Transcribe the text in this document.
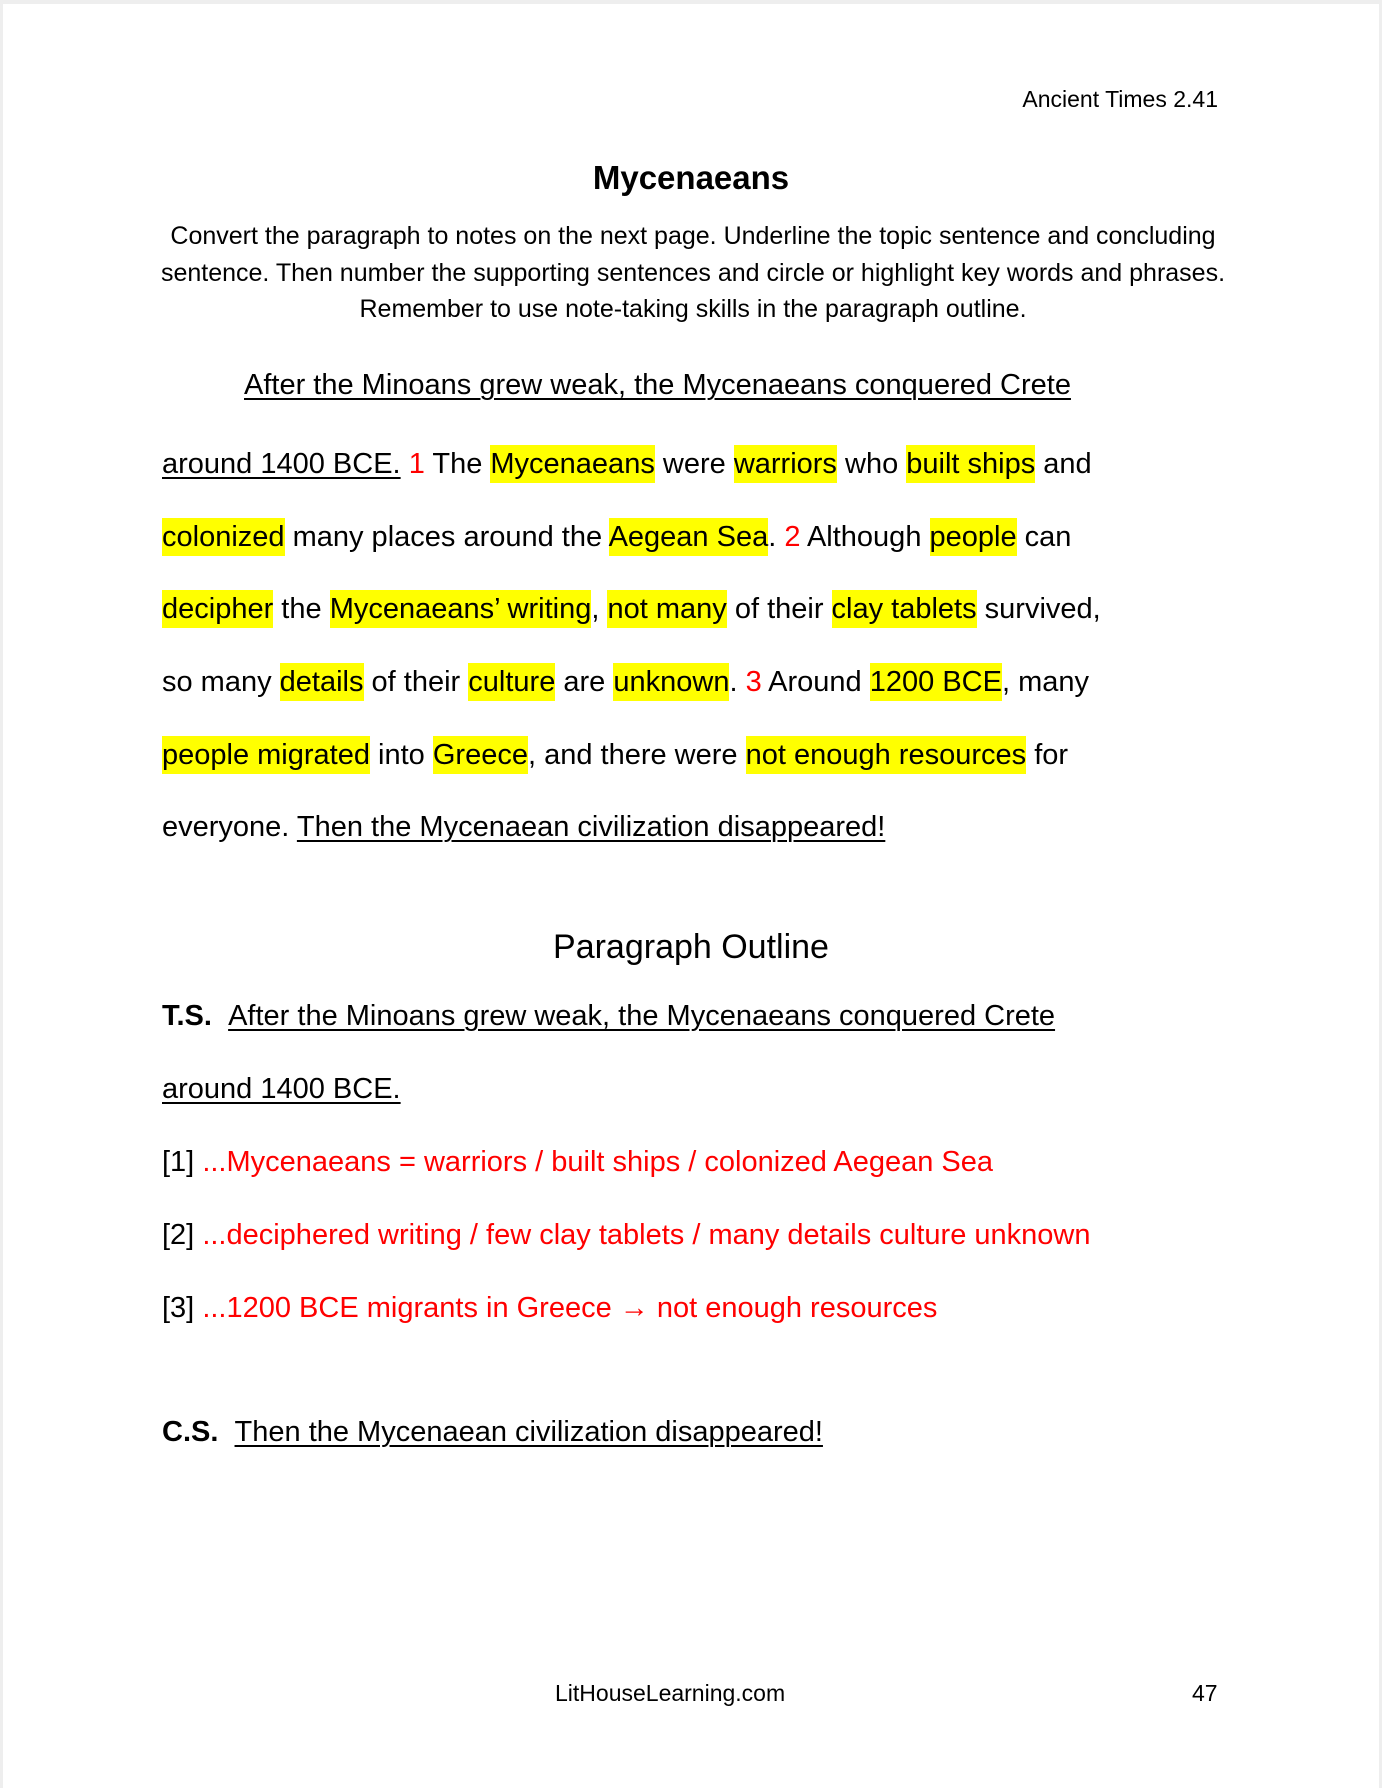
Ancient Times 2.41
Mycenaeans
Convert the paragraph to notes on the next page. Underline the topic sentence and concluding sentence. Then number the supporting sentences and circle or highlight key words and phrases. Remember to use note-taking skills in the paragraph outline.
After the Minoans grew weak, the Mycenaeans conquered Crete
around 1400 BCE. 1 The Mycenaeans were warriors who built ships and
colonized many places around the Aegean Sea. 2 Although people can
decipher the Mycenaeans’ writing, not many of their clay tablets survived,
so many details of their culture are unknown. 3 Around 1200 BCE, many
people migrated into Greece, and there were not enough resources for
everyone. Then the Mycenaean civilization disappeared!
Paragraph Outline
T.S. After the Minoans grew weak, the Mycenaeans conquered Crete
around 1400 BCE.
[1] ...Mycenaeans = warriors / built ships / colonized Aegean Sea
[2] ...deciphered writing / few clay tablets / many details culture unknown
[3] ...1200 BCE migrants in Greece → not enough resources
C.S. Then the Mycenaean civilization disappeared!
LitHouseLearning.com	47
